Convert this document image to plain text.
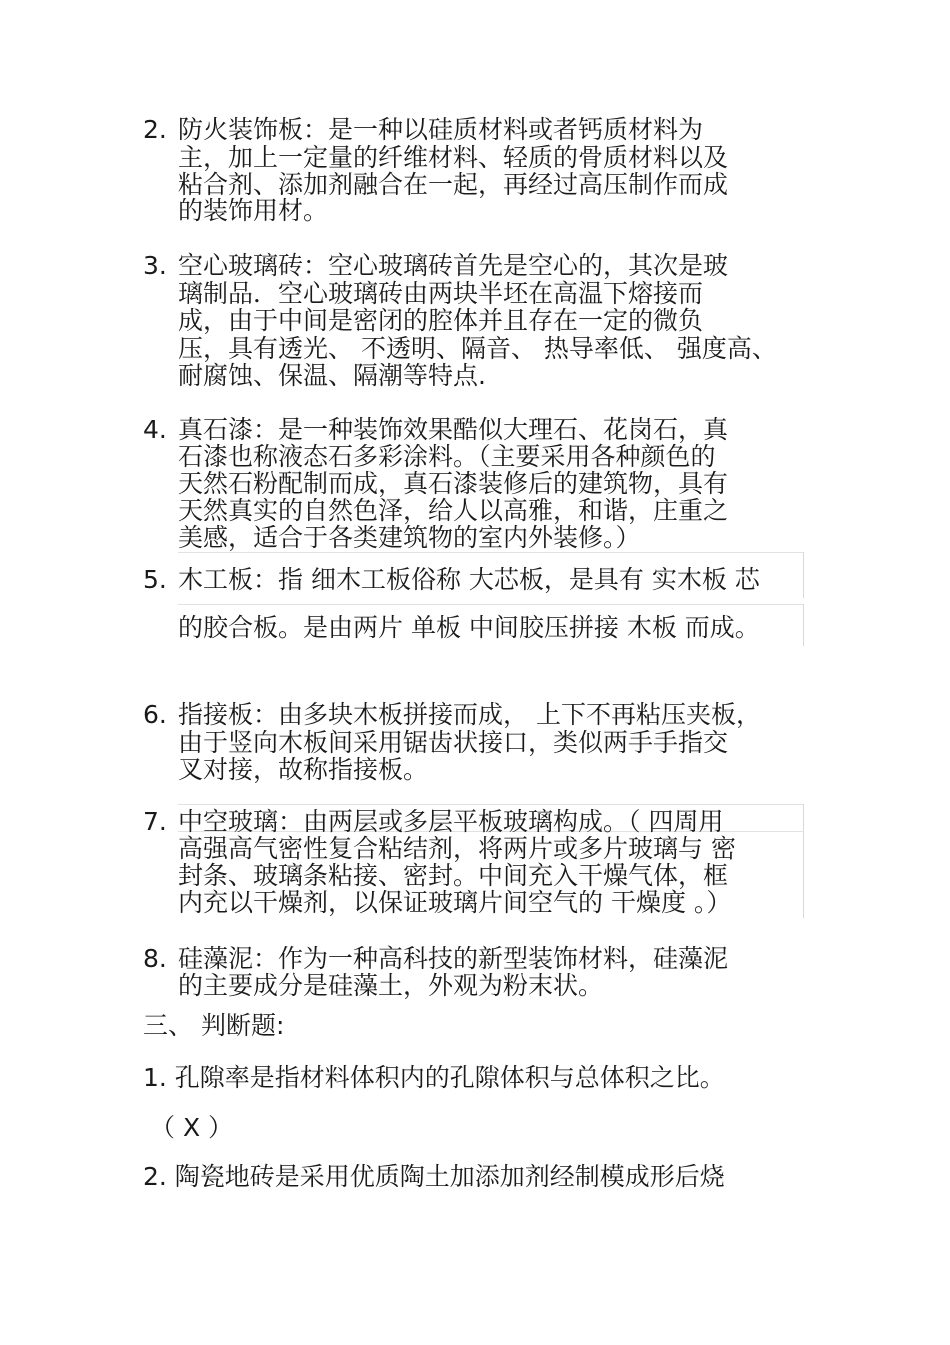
2. 防火装饰板：是一种以硅质材料或者钙质材料为
主，加上一定量的纤维材料、轻质的骨质材料以及
粘合剂、添加剂融合在一起，再经过高压制作而成
的装饰用材。
3. 空心玻璃砖：空心玻璃砖首先是空心的，其次是玻
璃制品．空心玻璃砖由两块半坯在高温下熔接而
成，由于中间是密闭的腔体并且存在一定的微负
压，具有透光、 不透明、隔音、 热导率低、 强度高、
耐腐蚀、保温、隔潮等特点.
4. 真石漆：是一种装饰效果酷似大理石、花岗石，真
石漆也称液态石多彩涂料。（主要采用各种颜色的
天然石粉配制而成，真石漆装修后的建筑物，具有
天然真实的自然色泽，给人以高雅，和谐，庄重之
美感，适合于各类建筑物的室内外装修。）
5. 木工板：指 细木工板俗称 大芯板，是具有 实木板 芯
的胶合板。是由两片 单板 中间胶压拼接 木板 而成。
6. 指接板：由多块木板拼接而成， 上下不再粘压夹板，
由于竖向木板间采用锯齿状接口，类似两手手指交
叉对接，故称指接板。
7. 中空玻璃：由两层或多层平板玻璃构成。（ 四周用
高强高气密性复合粘结剂，将两片或多片玻璃与 密
封条、玻璃条粘接、密封。中间充入干燥气体，框
内充以干燥剂，以保证玻璃片间空气的 干燥度 。）
8. 硅藻泥：作为一种高科技的新型装饰材料，硅藻泥
的主要成分是硅藻土，外观为粉末状。
三、 判断题:
1. 孔隙率是指材料体积内的孔隙体积与总体积之比。
（ X ）
2. 陶瓷地砖是采用优质陶土加添加剂经制模成形后烧
